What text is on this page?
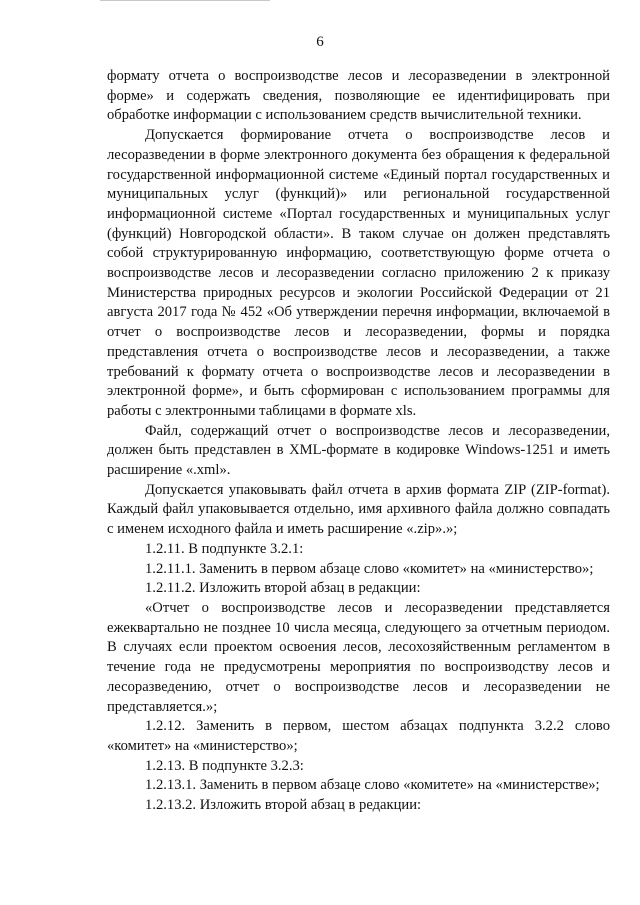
6

формату отчета о воспроизводстве лесов и лесоразведении в электронной форме» и содержать сведения, позволяющие ее идентифицировать при обработке информации с использованием средств вычислительной техники.

Допускается формирование отчета о воспроизводстве лесов и лесоразведении в форме электронного документа без обращения к федеральной государственной информационной системе «Единый портал государственных и муниципальных услуг (функций)» или региональной государственной информационной системе «Портал государственных и муниципальных услуг (функций) Новгородской области». В таком случае он должен представлять собой структурированную информацию, соответствующую форме отчета о воспроизводстве лесов и лесоразведении согласно приложению 2 к приказу Министерства природных ресурсов и экологии Российской Федерации от 21 августа 2017 года № 452 «Об утверждении перечня информации, включаемой в отчет о воспроизводстве лесов и лесоразведении, формы и порядка представления отчета о воспроизводстве лесов и лесоразведении, а также требований к формату отчета о воспроизводстве лесов и лесоразведении в электронной форме», и быть сформирован с использованием программы для работы с электронными таблицами в формате xls.

Файл, содержащий отчет о воспроизводстве лесов и лесоразведении, должен быть представлен в XML-формате в кодировке Windows-1251 и иметь расширение «.xml».

Допускается упаковывать файл отчета в архив формата ZIP (ZIP-format). Каждый файл упаковывается отдельно, имя архивного файла должно совпадать с именем исходного файла и иметь расширение «.zip».»;

1.2.11. В подпункте 3.2.1:

1.2.11.1. Заменить в первом абзаце слово «комитет» на «министерство»;

1.2.11.2. Изложить второй абзац в редакции:

«Отчет о воспроизводстве лесов и лесоразведении представляется ежеквартально не позднее 10 числа месяца, следующего за отчетным периодом. В случаях если проектом освоения лесов, лесохозяйственным регламентом в течение года не предусмотрены мероприятия по воспроизводству лесов и лесоразведению, отчет о воспроизводстве лесов и лесоразведении не представляется.»;

1.2.12. Заменить в первом, шестом абзацах подпункта 3.2.2 слово «комитет» на «министерство»;

1.2.13. В подпункте 3.2.3:

1.2.13.1. Заменить в первом абзаце слово «комитете» на «министерстве»;

1.2.13.2. Изложить второй абзац в редакции:
